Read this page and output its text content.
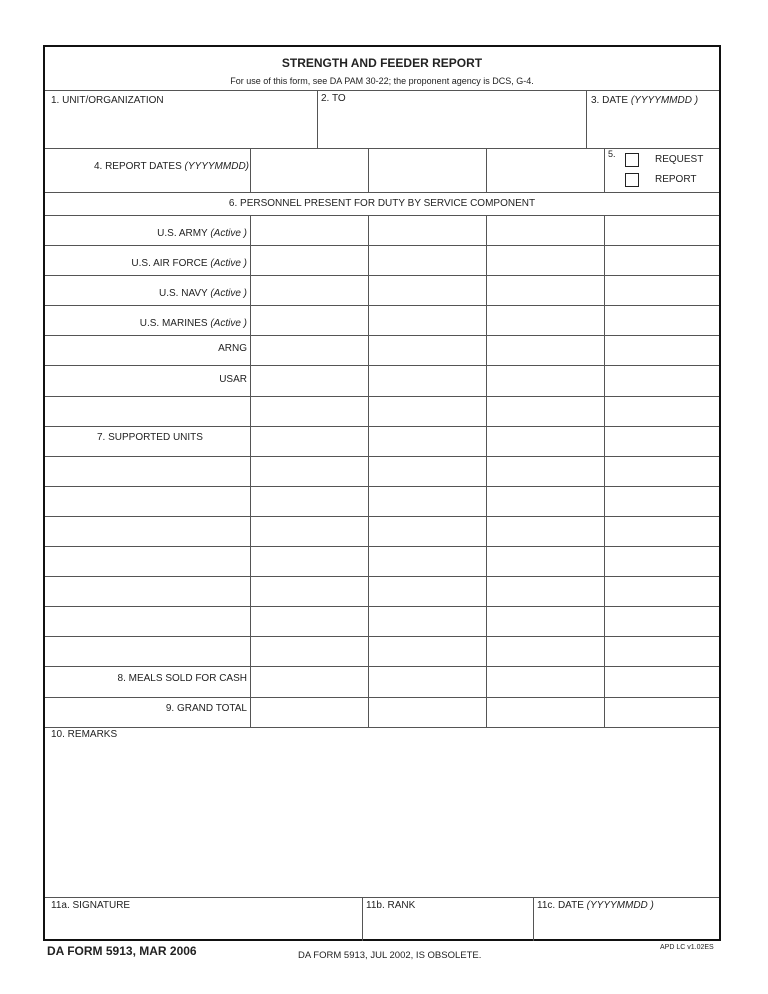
STRENGTH AND FEEDER REPORT
For use of this form, see DA PAM 30-22; the proponent agency is DCS, G-4.
1. UNIT/ORGANIZATION	2. TO	3. DATE (YYYYMMDD )
4. REPORT DATES (YYYYMMDD)
5.	REQUEST
REPORT
6. PERSONNEL PRESENT FOR DUTY BY SERVICE COMPONENT
U.S. ARMY (Active )
U.S. AIR FORCE (Active )
U.S. NAVY (Active )
U.S. MARINES (Active )
ARNG
USAR
7. SUPPORTED UNITS
8. MEALS SOLD FOR CASH
9. GRAND TOTAL
10. REMARKS
11a. SIGNATURE	11b. RANK	11c. DATE (YYYYMMDD )
DA FORM 5913, MAR 2006	DA FORM 5913, JUL 2002, IS OBSOLETE.
APD LC v1.02ES
